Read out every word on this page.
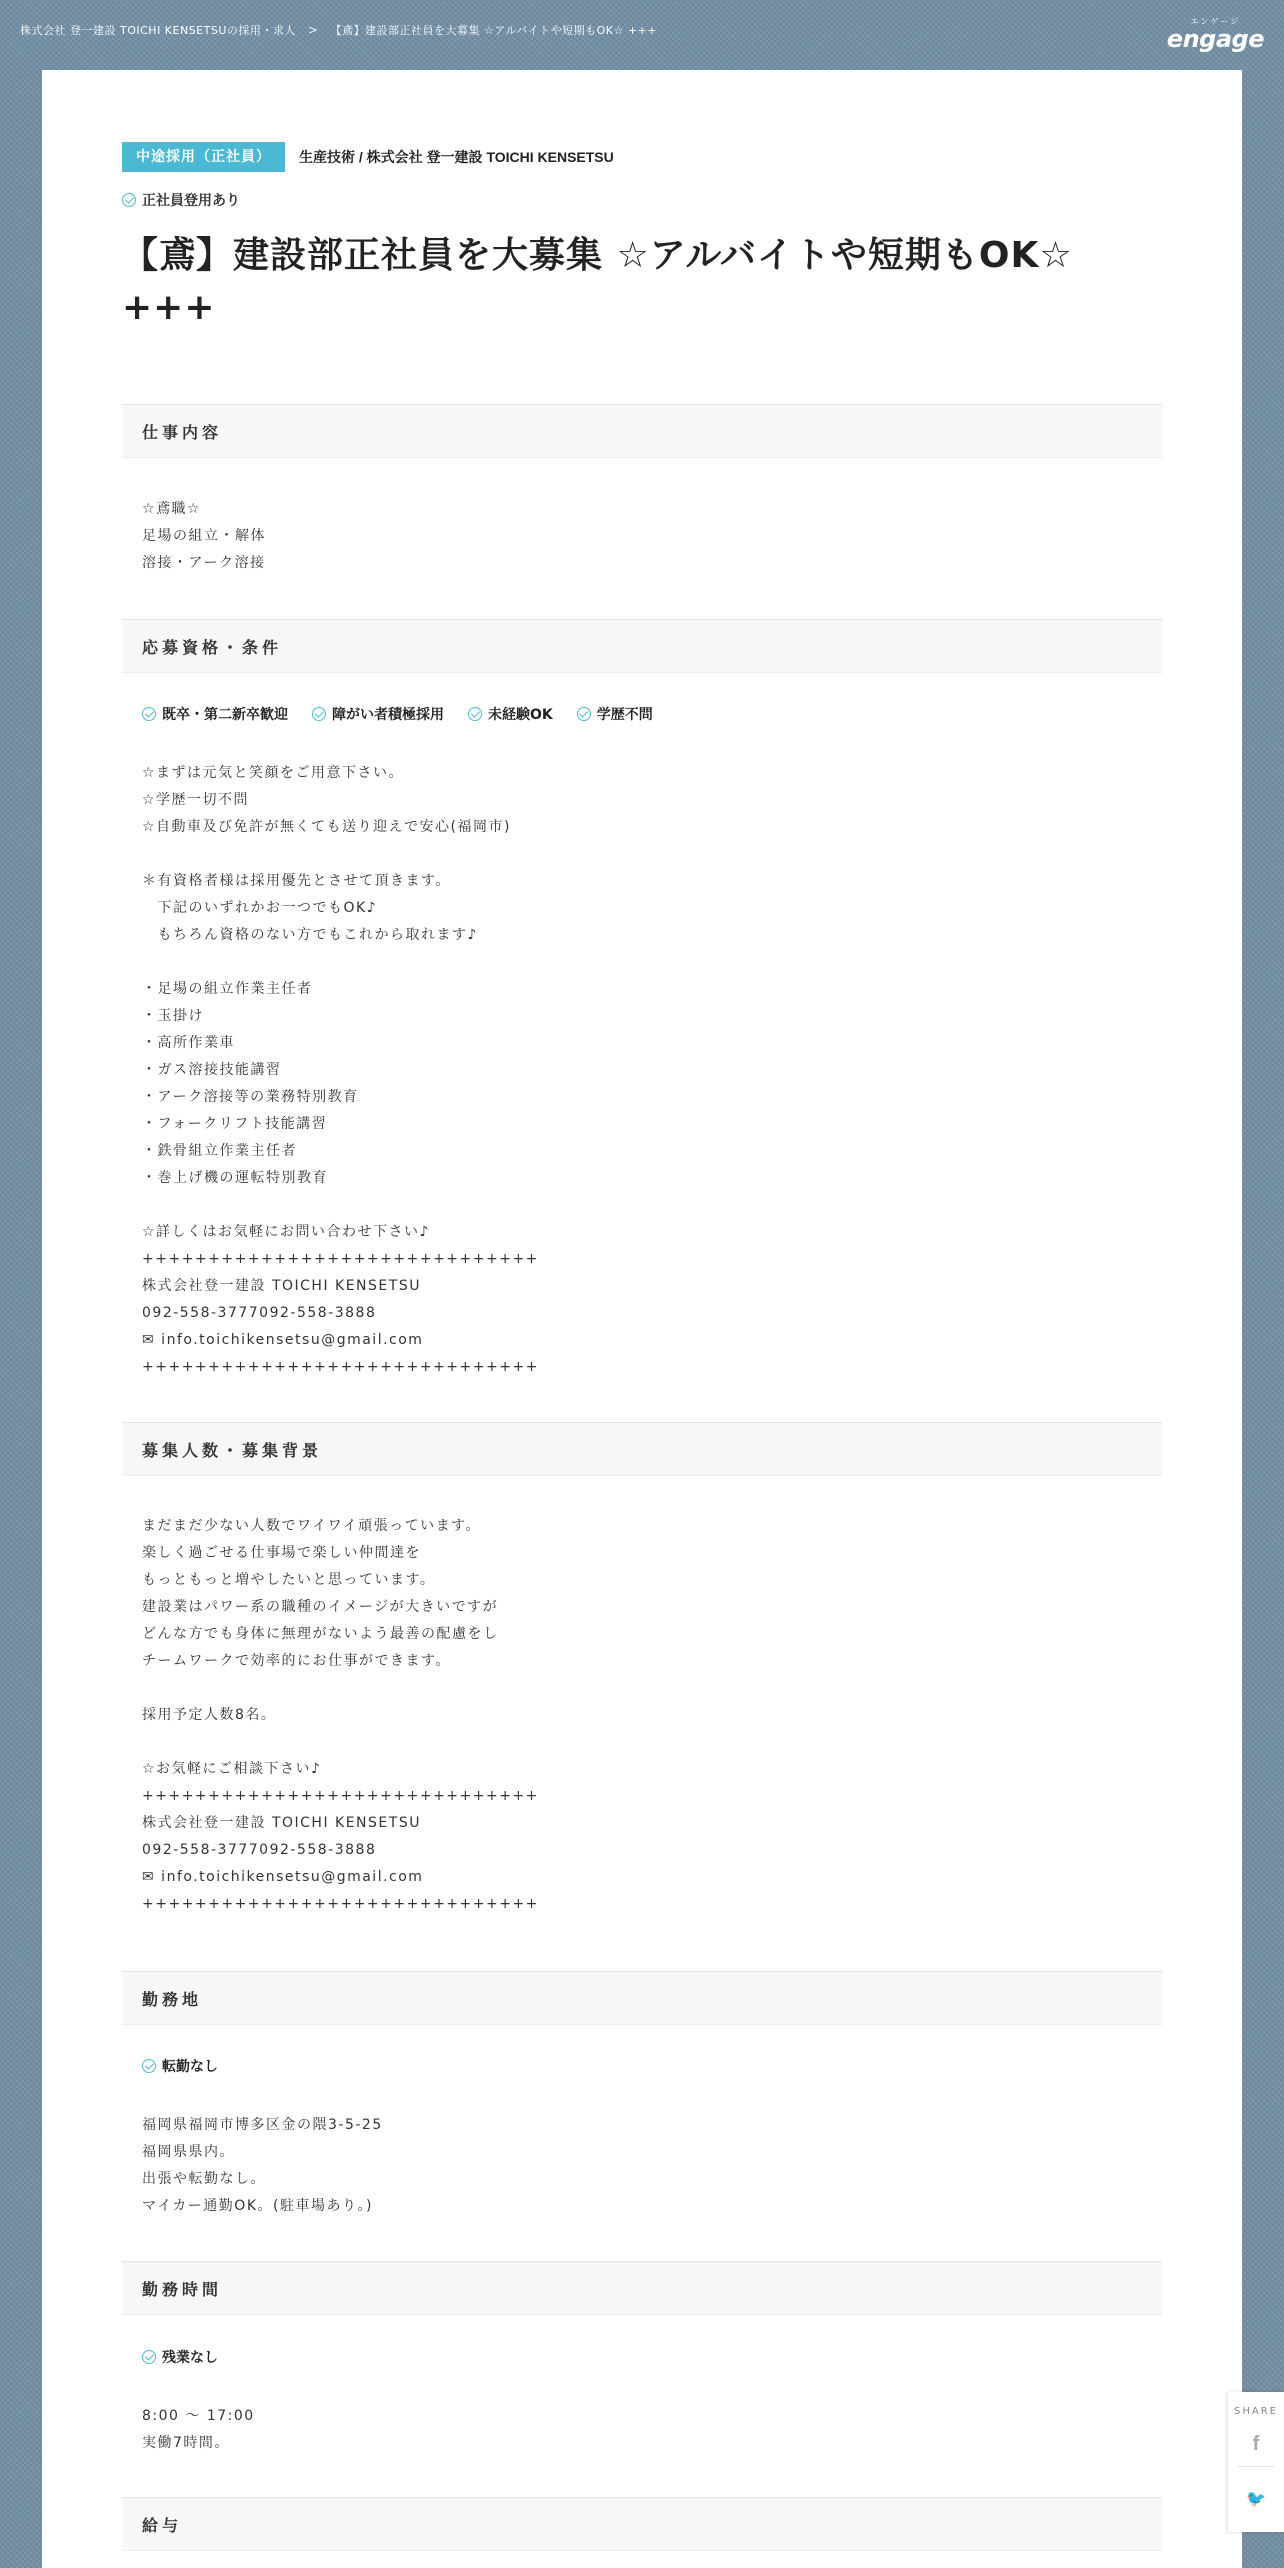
株式会社 登一建設 TOICHI KENSETSUの採用・求人 > 【鳶】建設部正社員を大募集 ☆アルバイトや短期もOK☆ +++
エンゲージ
engage
中途採用（正社員）	生産技術 / 株式会社 登一建設 TOICHI KENSETSU
正社員登用あり
【鳶】建設部正社員を大募集 ☆アルバイトや短期もOK☆ +++
仕事内容
☆鳶職☆
足場の組立・解体
溶接・アーク溶接
応募資格・条件
既卒・第二新卒歓迎	障がい者積極採用	未経験OK	学歴不問
☆まずは元気と笑顔をご用意下さい。
☆学歴一切不問
☆自動車及び免許が無くても送り迎えで安心(福岡市)

＊有資格者様は採用優先とさせて頂きます。
　下記のいずれかお一つでもOK♪
　もちろん資格のない方でもこれから取れます♪

・足場の組立作業主任者
・玉掛け
・高所作業車
・ガス溶接技能講習
・アーク溶接等の業務特別教育
・フォークリフト技能講習
・鉄骨組立作業主任者
・巻上げ機の運転特別教育

☆詳しくはお気軽にお問い合わせ下さい♪
++++++++++++++++++++++++++++++
株式会社登一建設 TOICHI KENSETSU
092-558-3777092-558-3888
✉ info.toichikensetsu@gmail.com
++++++++++++++++++++++++++++++
募集人数・募集背景
まだまだ少ない人数でワイワイ頑張っています。
楽しく過ごせる仕事場で楽しい仲間達を
もっともっと増やしたいと思っています。
建設業はパワー系の職種のイメージが大きいですが
どんな方でも身体に無理がないよう最善の配慮をし
チームワークで効率的にお仕事ができます。

採用予定人数8名。

☆お気軽にご相談下さい♪
++++++++++++++++++++++++++++++
株式会社登一建設 TOICHI KENSETSU
092-558-3777092-558-3888
✉ info.toichikensetsu@gmail.com
++++++++++++++++++++++++++++++
勤務地
転勤なし
福岡県福岡市博多区金の隈3-5-25
福岡県県内。
出張や転勤なし。
マイカー通勤OK。(駐車場あり。)
勤務時間
残業なし
8:00 ～ 17:00
実働7時間。
給与
SHARE
f
🐦
